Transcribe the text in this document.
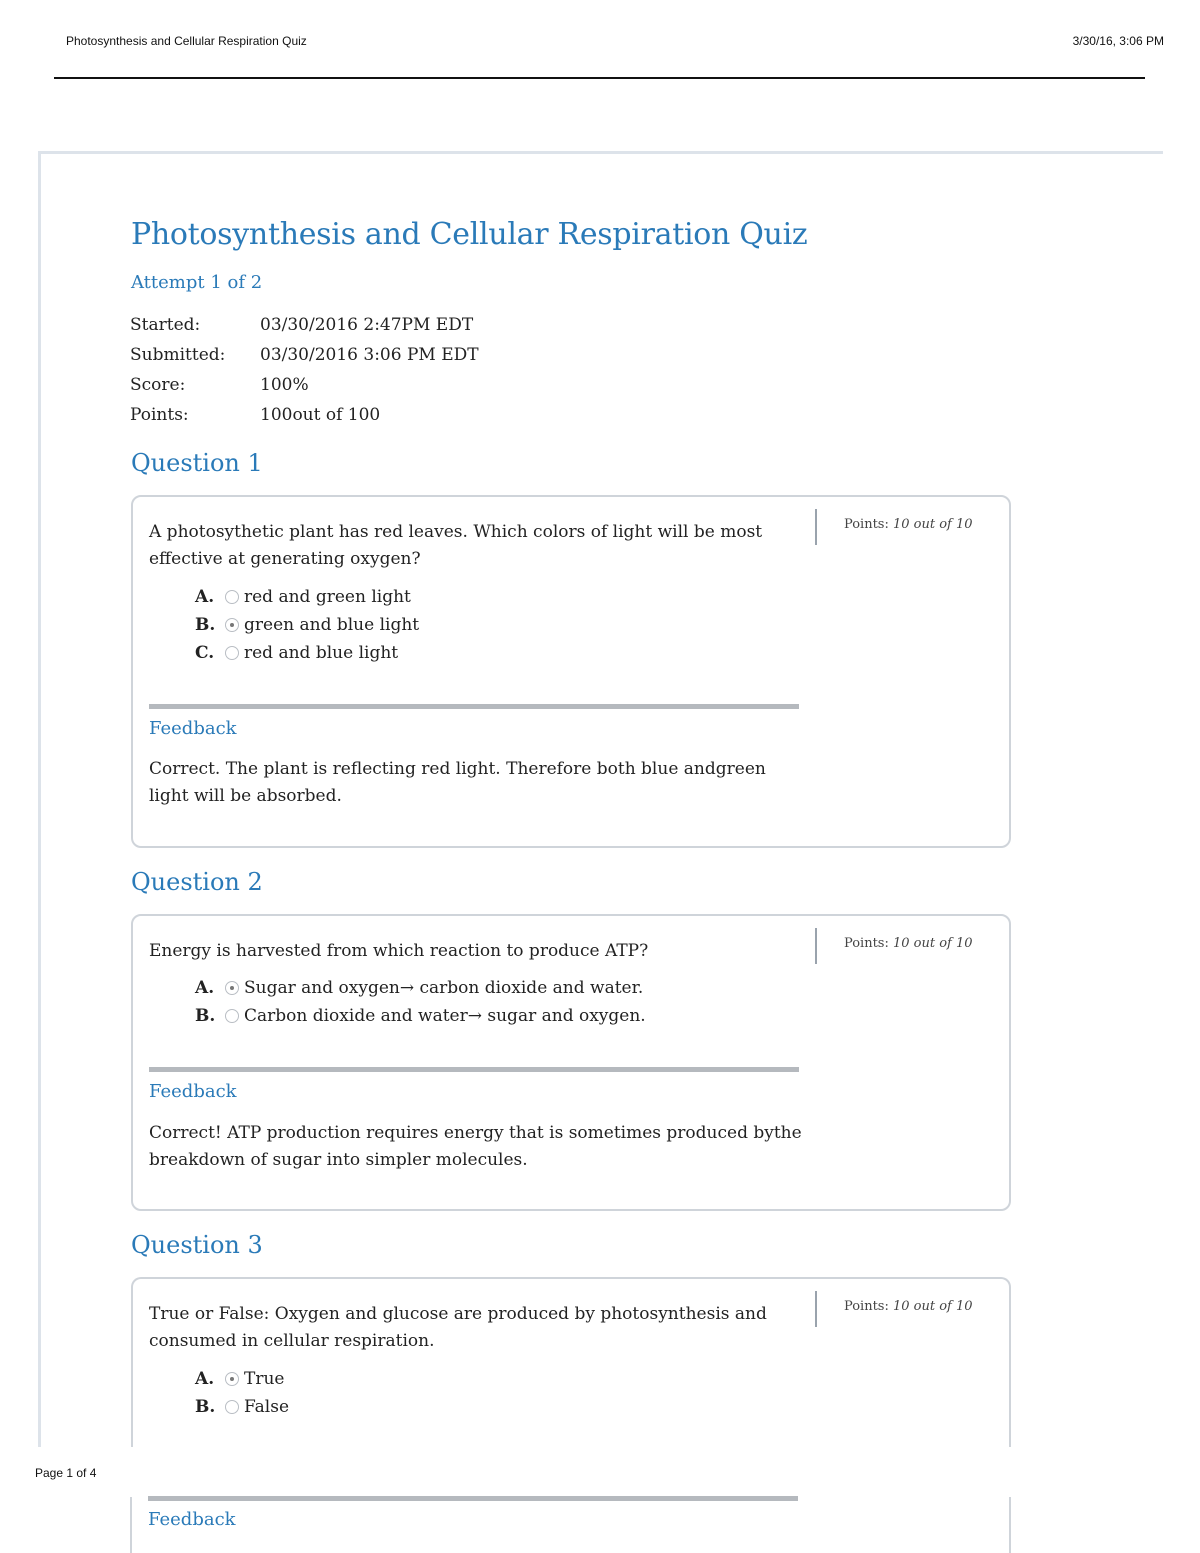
Photosynthesis and Cellular Respiration Quiz	3/30/16, 3:06 PM
Photosynthesis and Cellular Respiration Quiz
Attempt 1 of 2
Started:	03/30/2016 2:47PM EDT
Submitted: 03/30/2016 3:06 PM EDT
Score:	100%
Points:	100out of 100
Question 1
A photosythetic plant has red leaves. Which colors of light will be most effective at generating oxygen?
Points: 10 out of 10
A. red and green light
B. green and blue light
C. red and blue light
Feedback
Correct. The plant is reflecting red light. Therefore both blue andgreen light will be absorbed.
Question 2
Energy is harvested from which reaction to produce ATP?	Points: 10 out of 10
A. Sugar and oxygen→ carbon dioxide and water.
B. Carbon dioxide and water→ sugar and oxygen.
Feedback
Correct! ATP production requires energy that is sometimes produced bythe breakdown of sugar into simpler molecules.
Question 3
True or False: Oxygen and glucose are produced by photosynthesis and consumed in cellular respiration.
Points: 10 out of 10
A. True
B. False
Page 1 of 4
Feedback
